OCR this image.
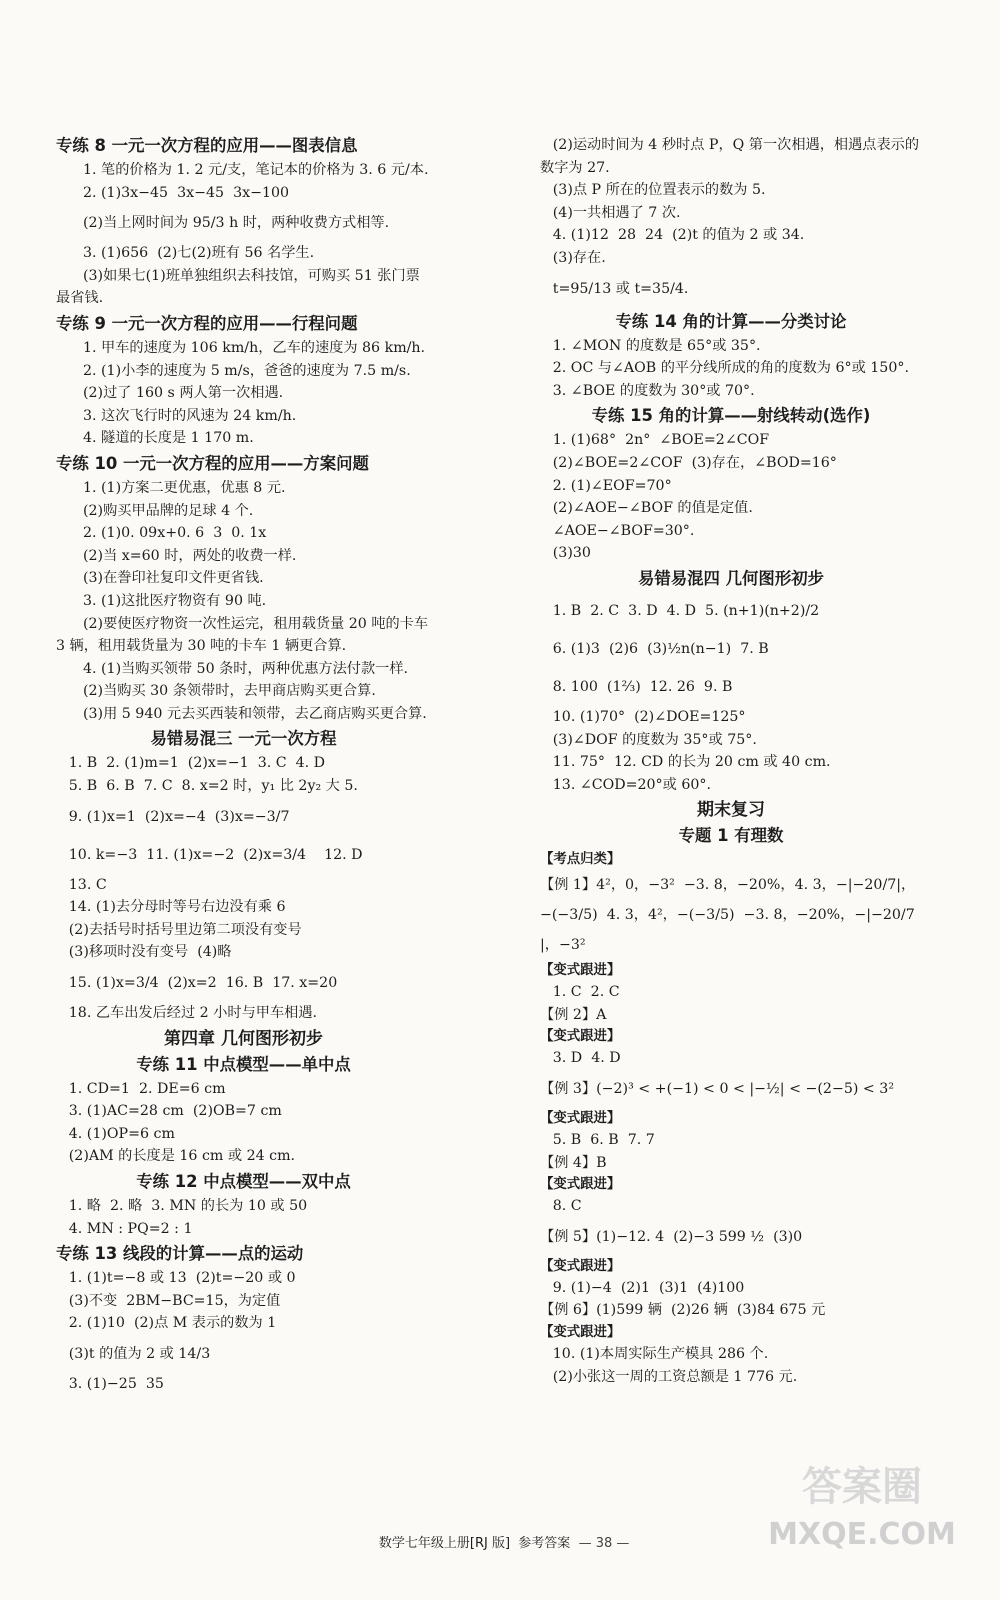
专练 8 一元一次方程的应用——图表信息

1. 笔的价格为 1. 2 元/支，笔记本的价格为 3. 6 元/本.

2. (1)3x−45  3x−45  3x−100

(2)当上网时间为 95/3 h 时，两种收费方式相等.

3. (1)656  (2)七(2)班有 56 名学生.

(3)如果七(1)班单独组织去科技馆，可购买 51 张门票最省钱.

专练 9 一元一次方程的应用——行程问题

1. 甲车的速度为 106 km/h，乙车的速度为 86 km/h.

2. (1)小李的速度为 5 m/s，爸爸的速度为 7.5 m/s.

(2)过了 160 s 两人第一次相遇.

3. 这次飞行时的风速为 24 km/h.

4. 隧道的长度是 1 170 m.

专练 10 一元一次方程的应用——方案问题

1. (1)方案二更优惠，优惠 8 元.

(2)购买甲品牌的足球 4 个.

2. (1)0. 09x+0. 6  3  0. 1x

(2)当 x=60 时，两处的收费一样.

(3)在誊印社复印文件更省钱.

3. (1)这批医疗物资有 90 吨.

(2)要使医疗物资一次性运完，租用载货量 20 吨的卡车 3 辆，租用载货量为 30 吨的卡车 1 辆更合算.

4. (1)当购买领带 50 条时，两种优惠方法付款一样.

(2)当购买 30 条领带时，去甲商店购买更合算.

(3)用 5 940 元去买西装和领带，去乙商店购买更合算.

易错易混三 一元一次方程

1. B  2. (1)m=1  (2)x=−1  3. C  4. D

5. B  6. B  7. C  8. x=2 时，y₁ 比 2y₂ 大 5.

9. (1)x=1  (2)x=−4  (3)x=−3/7

10. k=−3  11. (1)x=−2  (2)x=3/4    12. D

13. C

14. (1)去分母时等号右边没有乘 6

(2)去括号时括号里边第二项没有变号

(3)移项时没有变号  (4)略

15. (1)x=3/4  (2)x=2  16. B  17. x=20

18. 乙车出发后经过 2 小时与甲车相遇.

第四章 几何图形初步
专练 11 中点模型——单中点

1. CD=1  2. DE=6 cm

3. (1)AC=28 cm  (2)OB=7 cm

4. (1)OP=6 cm

(2)AM 的长度是 16 cm 或 24 cm.

专练 12 中点模型——双中点

1. 略  2. 略  3. MN 的长为 10 或 50

4. MN : PQ=2 : 1

专练 13 线段的计算——点的运动

1. (1)t=−8 或 13  (2)t=−20 或 0

(3)不变  2BM−BC=15，为定值

2. (1)10  (2)点 M 表示的数为 1

(3)t 的值为 2 或 14/3

3. (1)−25  35

(2)运动时间为 4 秒时点 P，Q 第一次相遇，相遇点表示的数字为 27.

(3)点 P 所在的位置表示的数为 5.

(4)一共相遇了 7 次.

4. (1)12  28  24  (2)t 的值为 2 或 34.

(3)存在.

t=95/13 或 t=35/4.

专练 14 角的计算——分类讨论

1. ∠MON 的度数是 65°或 35°.

2. OC 与∠AOB 的平分线所成的角的度数为 6°或 150°.

3. ∠BOE 的度数为 30°或 70°.

专练 15 角的计算——射线转动(选作)

1. (1)68°  2n°  ∠BOE=2∠COF

(2)∠BOE=2∠COF  (3)存在，∠BOD=16°

2. (1)∠EOF=70°

(2)∠AOE−∠BOF 的值是定值.

∠AOE−∠BOF=30°.

(3)30

易错易混四 几何图形初步

1. B  2. C  3. D  4. D  5. (n+1)(n+2)/2

6. (1)3  (2)6  (3)½n(n−1)  7. B

8. 100  (1⅔)  12. 26  9. B

10. (1)70°  (2)∠DOE=125°

(3)∠DOF 的度数为 35°或 75°.

11. 75°  12. CD 的长为 20 cm 或 40 cm.

13. ∠COD=20°或 60°.

期末复习
专题 1 有理数

【考点归类】

【例 1】4²，0，−3²  −3. 8，−20%，4. 3，−|−20/7|，−(−3/5)  4. 3，4²，−(−3/5)  −3. 8，−20%，−|−20/7|，−3²

【变式跟进】

1. C  2. C

【例 2】A

【变式跟进】

3. D  4. D

【例 3】(−2)³ < +(−1) < 0 < |−½| < −(2−5) < 3²

【变式跟进】

5. B  6. B  7. 7

【例 4】B

【变式跟进】

8. C

【例 5】(1)−12. 4  (2)−3 599 ½  (3)0

【变式跟进】

9. (1)−4  (2)1  (3)1  (4)100

【例 6】(1)599 辆  (2)26 辆  (3)84 675 元

【变式跟进】

10. (1)本周实际生产模具 286 个.

(2)小张这一周的工资总额是 1 776 元.

数学七年级上册[RJ 版] 参考答案 — 38 —

答案圈
MXQE.COM
